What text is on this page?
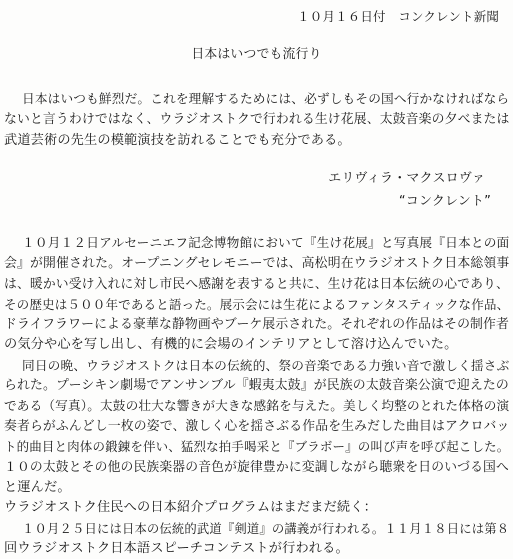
１０月１６日付　コンクレント新聞
日本はいつでも流行り
日本はいつも鮮烈だ。これを理解するためには、必ずしもその国へ行かなければなら
ないと言うわけではなく、ウラジオストクで行われる生け花展、太鼓音楽の夕べまたは
武道芸術の先生の模範演技を訪れることでも充分である。
エリヴィラ・マクスロヴァ
“コンクレント”
１０月１２日アルセーニエフ記念博物館において『生け花展』と写真展『日本との面
会』が開催された。オープニングセレモニーでは、高松明在ウラジオストク日本総領事
は、暖かい受け入れに対し市民へ感謝を表すると共に、生け花は日本伝統の心であり、
その歴史は５００年であると語った。展示会には生花によるファンタスティックな作品、
ドライフラワーによる豪華な静物画やブーケ展示された。それぞれの作品はその制作者
の気分や心を写し出し、有機的に会場のインテリアとして溶け込んでいた。
同日の晩、ウラジオストクは日本の伝統的、祭の音楽である力強い音で激しく揺さぶ
られた。プーシキン劇場でアンサンブル『蝦夷太鼓』が民族の太鼓音楽公演で迎えたの
である（写真）。太鼓の壮大な響きが大きな感銘を与えた。美しく均整のとれた体格の演
奏者らがふんどし一枚の姿で、激しく心を揺さぶる作品を生みだした曲目はアクロバッ
ト的曲目と肉体の鍛錬を伴い、猛烈な拍手喝采と『ブラボー』の叫び声を呼び起こした。
１０の太鼓とその他の民族楽器の音色が旋律豊かに変調しながら聴衆を日のいづる国へ
と運んだ。
ウラジオストク住民への日本紹介プログラムはまだまだ続く：
１０月２５日には日本の伝統的武道『剣道』の講義が行われる。１１月１８日には第８
回ウラジオストク日本語スピーチコンテストが行われる。
